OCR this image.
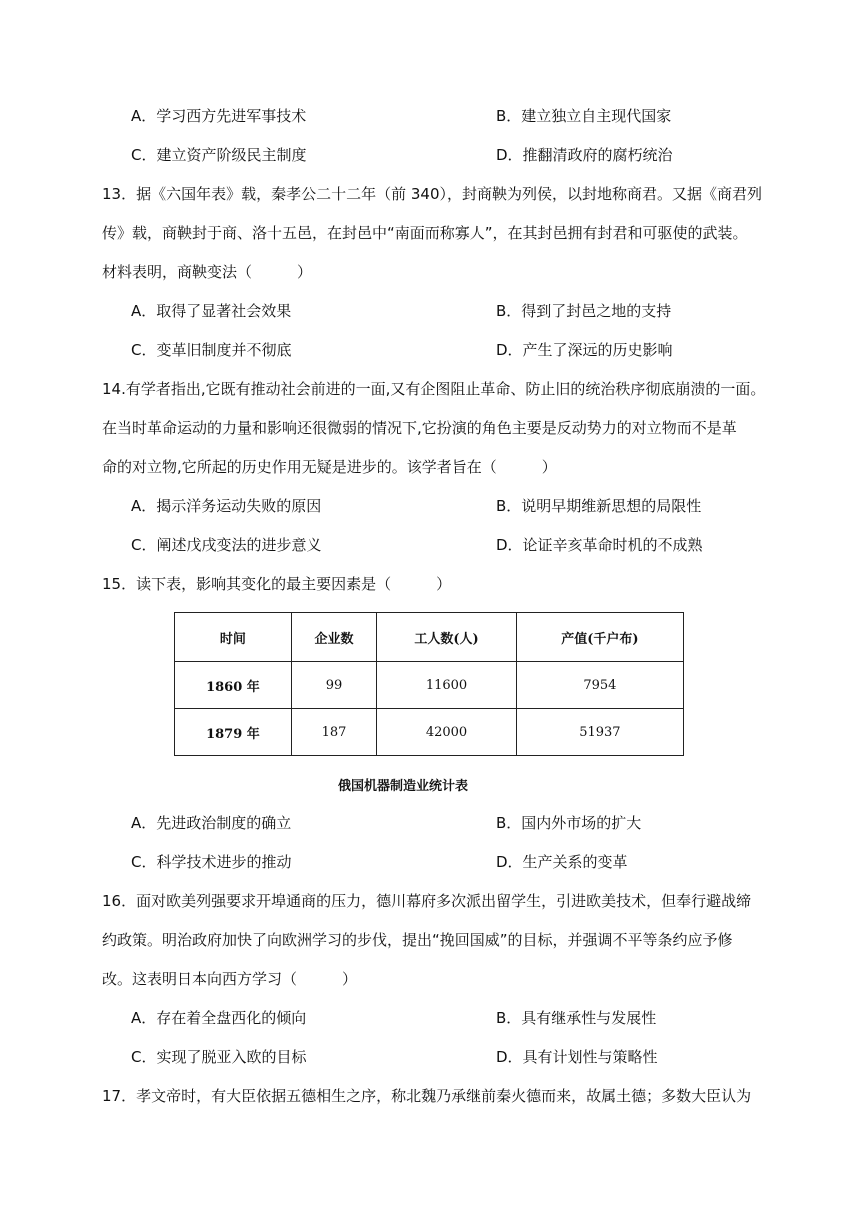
A．学习西方先进军事技术	B．建立独立自主现代国家
C．建立资产阶级民主制度	D．推翻清政府的腐朽统治
13．据《六国年表》载，秦孝公二十二年（前 340），封商鞅为列侯，以封地称商君。又据《商君列
传》载，商鞅封于商、洛十五邑，在封邑中“南面而称寡人”，在其封邑拥有封君和可驱使的武装。
材料表明，商鞅变法（　　　）
A．取得了显著社会效果	B．得到了封邑之地的支持
C．变革旧制度并不彻底	D．产生了深远的历史影响
14.有学者指出,它既有推动社会前进的一面,又有企图阻止革命、防止旧的统治秩序彻底崩溃的一面。
在当时革命运动的力量和影响还很微弱的情况下,它扮演的角色主要是反动势力的对立物而不是革
命的对立物,它所起的历史作用无疑是进步的。该学者旨在（　　　）
A．揭示洋务运动失败的原因	B．说明早期维新思想的局限性
C．阐述戊戌变法的进步意义	D．论证辛亥革命时机的不成熟
15．读下表，影响其变化的最主要因素是（　　　）
时间	企业数	工人数(人)	产值(千户布)
1860 年	99	11600	7954
1879 年	187	42000	51937
俄国机器制造业统计表
A．先进政治制度的确立	B．国内外市场的扩大
C．科学技术进步的推动	D．生产关系的变革
16．面对欧美列强要求开埠通商的压力，德川幕府多次派出留学生，引进欧美技术，但奉行避战缔
约政策。明治政府加快了向欧洲学习的步伐，提出“挽回国威”的目标，并强调不平等条约应予修
改。这表明日本向西方学习（　　　）
A．存在着全盘西化的倾向	B．具有继承性与发展性
C．实现了脱亚入欧的目标	D．具有计划性与策略性
17．孝文帝时，有大臣依据五德相生之序，称北魏乃承继前秦火德而来，故属土德；多数大臣认为
